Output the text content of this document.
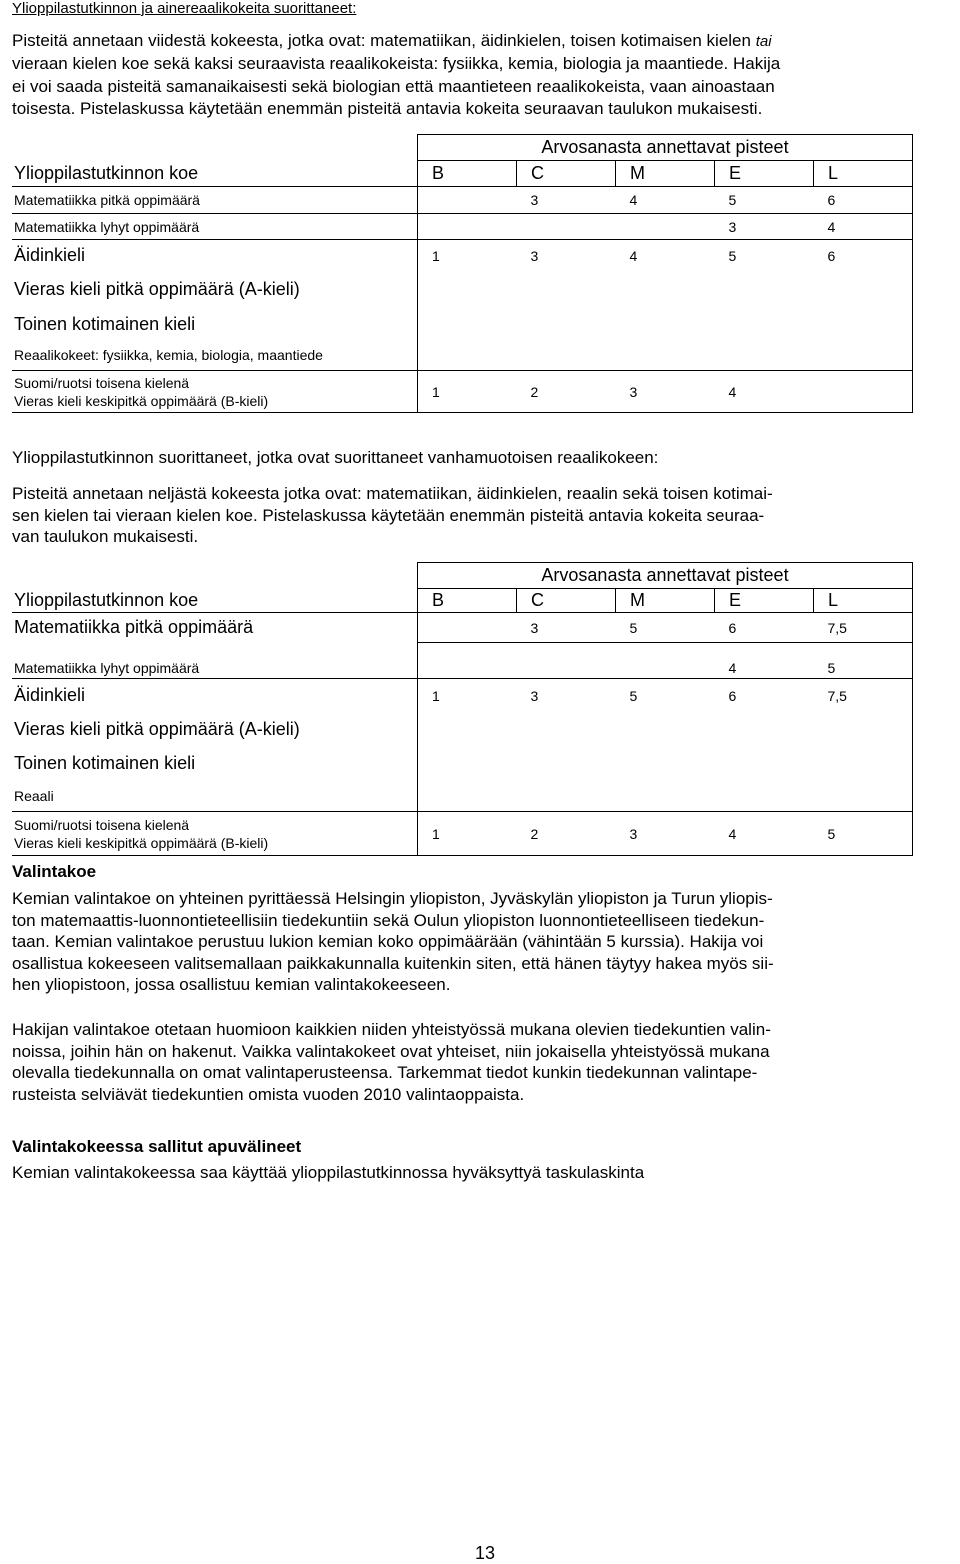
Ylioppilastutkinnon ja ainereaalikokeita suorittaneet:

Pisteitä annetaan viidestä kokeesta, jotka ovat: matematiikan, äidinkielen, toisen kotimaisen kielen tai
vieraan kielen koe sekä kaksi seuraavista reaalikokeista: fysiikka, kemia, biologia ja maantiede. Hakija
ei voi saada pisteitä samanaikaisesti sekä biologian että maantieteen reaalikokeista, vaan ainoastaan
toisesta. Pistelaskussa käytetään enemmän pisteitä antavia kokeita seuraavan taulukon mukaisesti.

	Arvosanasta annettavat pisteet				
Ylioppilastutkinnon koe	B	C	M	E	L
Matematiikka pitkä oppimäärä		3	4	5	6
Matematiikka lyhyt oppimäärä				3	4
Äidinkieli	1	3	4	5	6
Vieras kieli pitkä oppimäärä (A-kieli)					
Toinen kotimainen kieli					
Reaalikokeet: fysiikka, kemia, biologia, maantiede					
Suomi/ruotsi toisena kielenä
Vieras kieli keskipitkä oppimäärä (B-kieli)	1	2	3	4	

Ylioppilastutkinnon suorittaneet, jotka ovat suorittaneet vanhamuotoisen reaalikokeen:

Pisteitä annetaan neljästä kokeesta jotka ovat: matematiikan, äidinkielen, reaalin sekä toisen kotimai-
sen kielen tai vieraan kielen koe. Pistelaskussa käytetään enemmän pisteitä antavia kokeita seuraa-
van taulukon mukaisesti.

	Arvosanasta annettavat pisteet				
Ylioppilastutkinnon koe	B	C	M	E	L
Matematiikka pitkä oppimäärä		3	5	6	7,5
Matematiikka lyhyt oppimäärä				4	5
Äidinkieli	1	3	5	6	7,5
Vieras kieli pitkä oppimäärä (A-kieli)					
Toinen kotimainen kieli					
Reaali					
Suomi/ruotsi toisena kielenä
Vieras kieli keskipitkä oppimäärä (B-kieli)	1	2	3	4	5

Valintakoe

Kemian valintakoe on yhteinen pyrittäessä Helsingin yliopiston, Jyväskylän yliopiston ja Turun yliopis-
ton matemaattis-luonnontieteellisiin tiedekuntiin sekä Oulun yliopiston luonnontieteelliseen tiedekun-
taan. Kemian valintakoe perustuu lukion kemian koko oppimäärään (vähintään 5 kurssia). Hakija voi
osallistua kokeeseen valitsemallaan paikkakunnalla kuitenkin siten, että hänen täytyy hakea myös sii-
hen yliopistoon, jossa osallistuu kemian valintakokeeseen.

Hakijan valintakoe otetaan huomioon kaikkien niiden yhteistyössä mukana olevien tiedekuntien valin-
noissa, joihin hän on hakenut. Vaikka valintakokeet ovat yhteiset, niin jokaisella yhteistyössä mukana
olevalla tiedekunnalla on omat valintaperusteensa. Tarkemmat tiedot kunkin tiedekunnan valintape-
rusteista selviävät tiedekuntien omista vuoden 2010 valintaoppaista.

Valintakokeessa sallitut apuvälineet

Kemian valintakokeessa saa käyttää ylioppilastutkinnossa hyväksyttyä taskulaskinta

13
